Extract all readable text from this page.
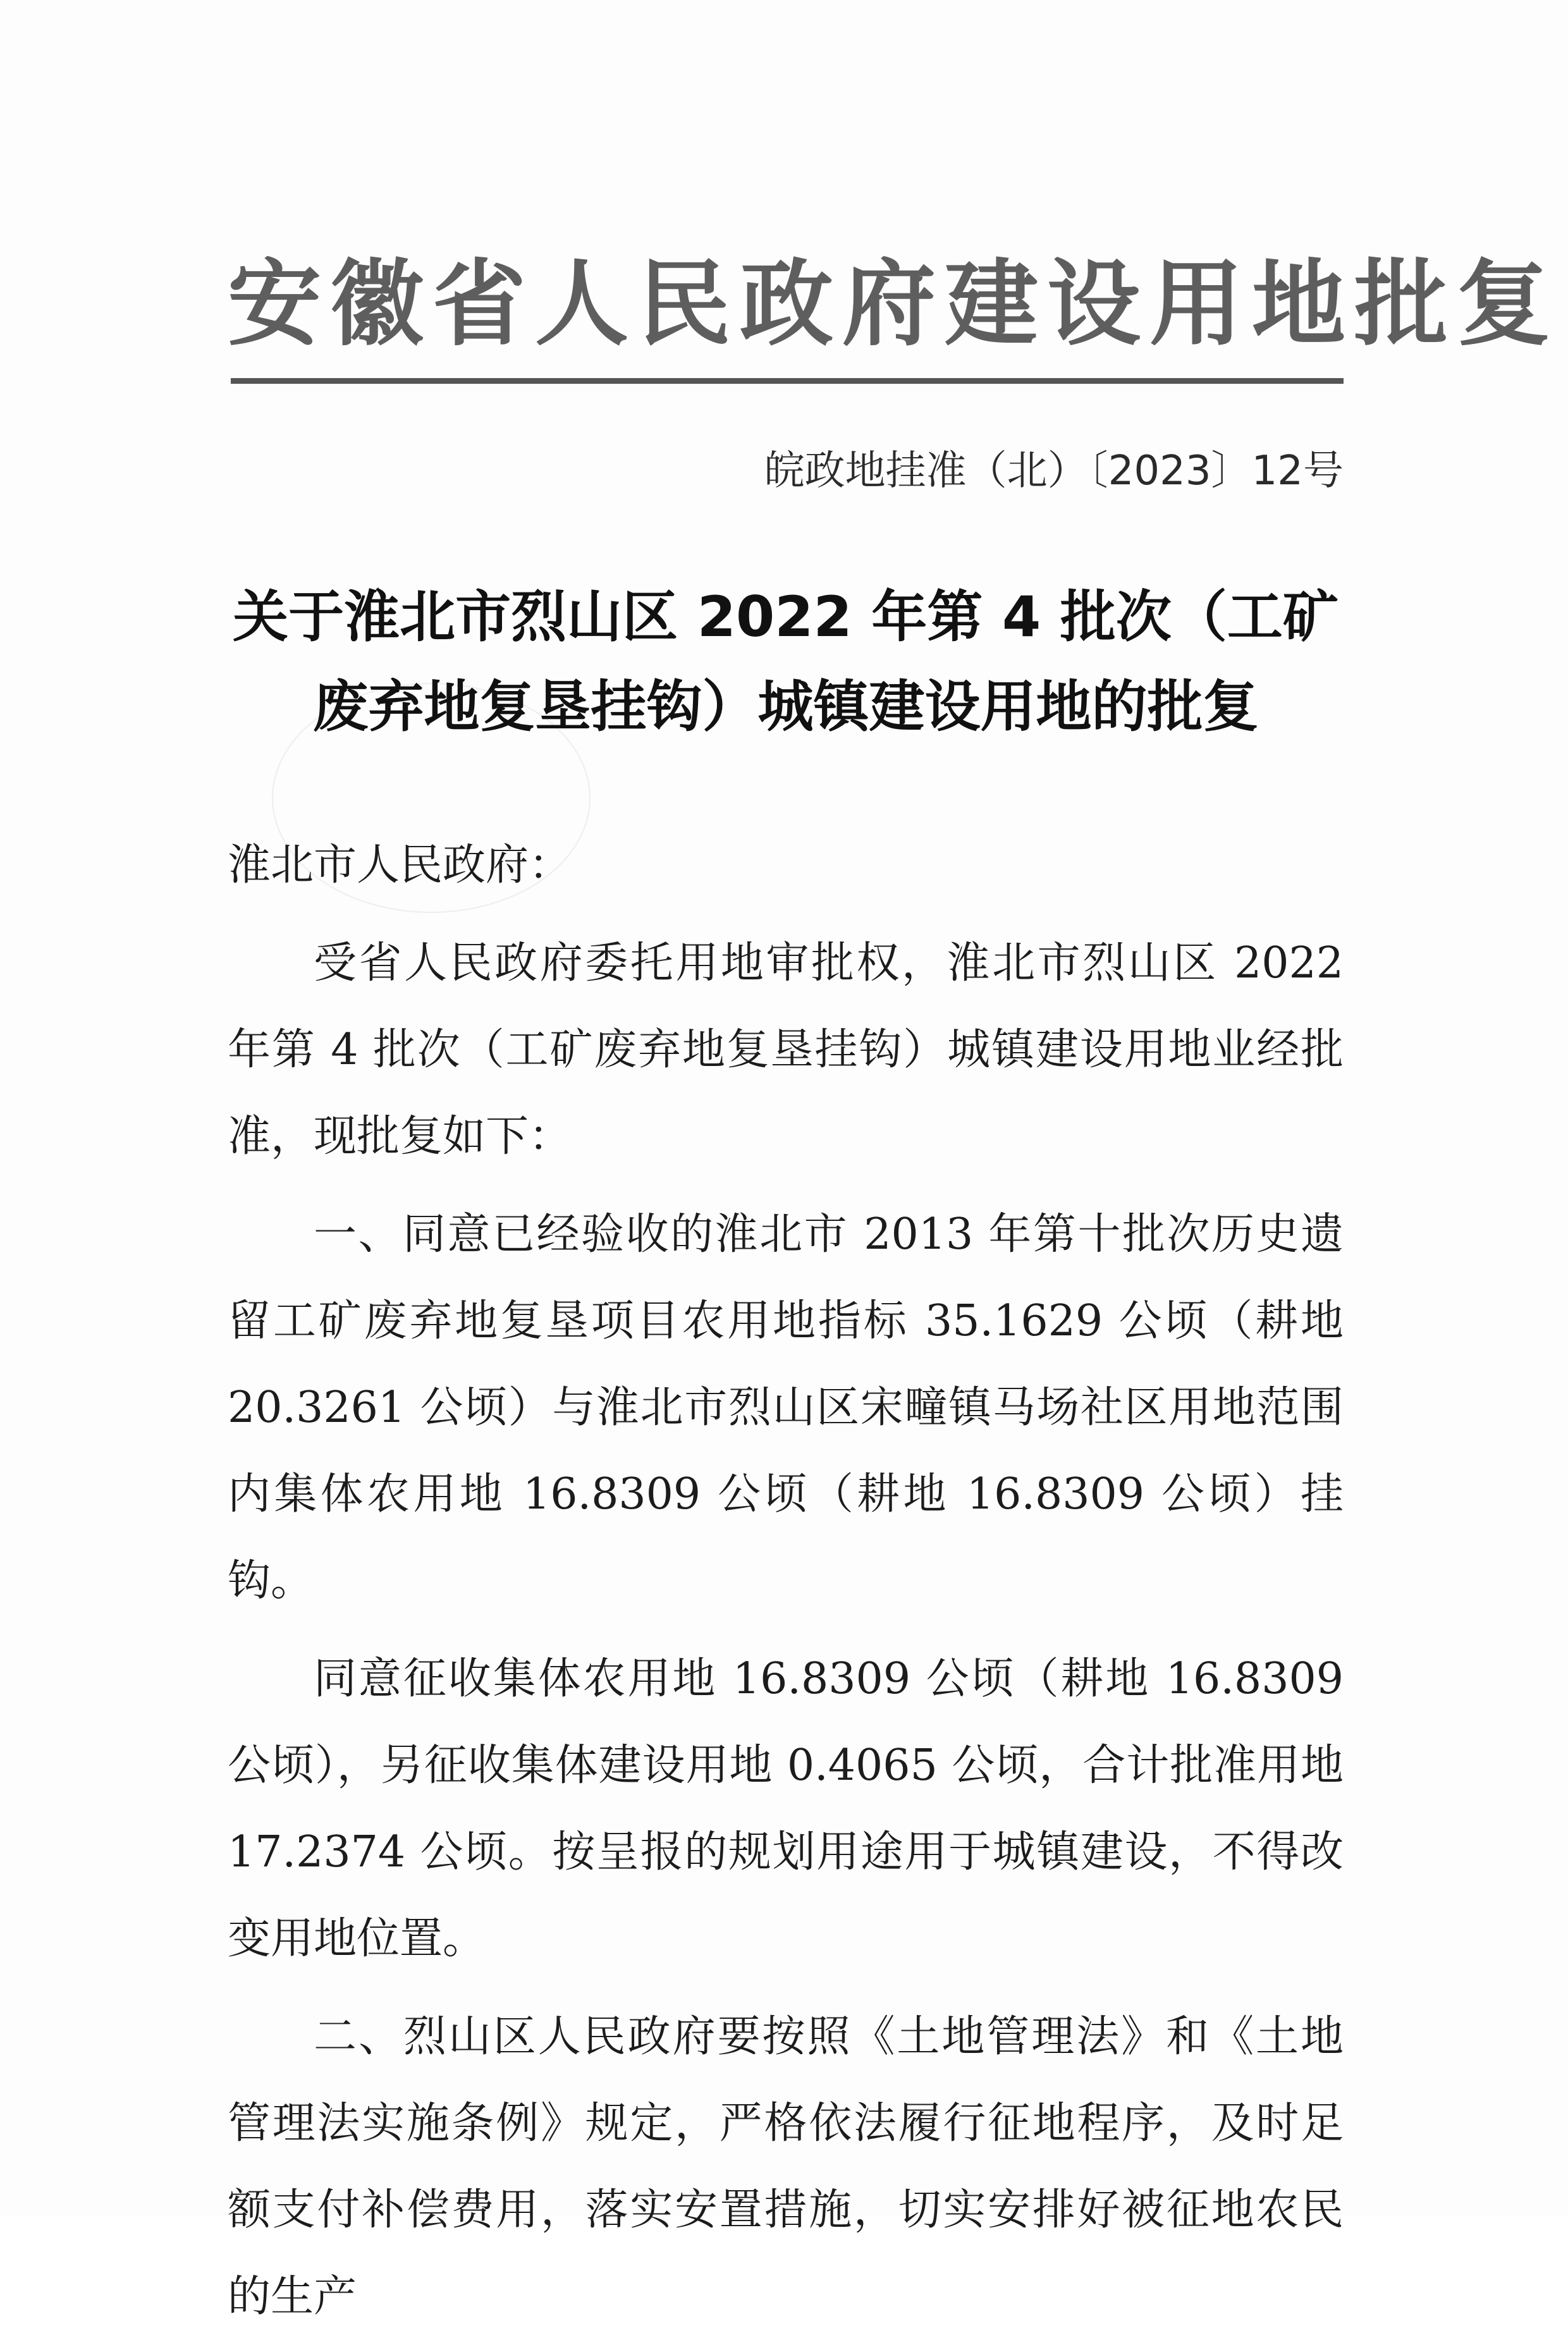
安徽省人民政府建设用地批复
皖政地挂准（北）〔2023〕12号
关于淮北市烈山区 2022 年第 4 批次（工矿
废弃地复垦挂钩）城镇建设用地的批复

淮北市人民政府：

受省人民政府委托用地审批权，淮北市烈山区 2022 年第 4 批次（工矿废弃地复垦挂钩）城镇建设用地业经批准，现批复如下：

一、同意已经验收的淮北市 2013 年第十批次历史遗留工矿废弃地复垦项目农用地指标 35.1629 公顷（耕地 20.3261 公顷）与淮北市烈山区宋疃镇马场社区用地范围内集体农用地 16.8309 公顷（耕地 16.8309 公顷）挂钩。

同意征收集体农用地 16.8309 公顷（耕地 16.8309 公顷），另征收集体建设用地 0.4065 公顷，合计批准用地 17.2374 公顷。按呈报的规划用途用于城镇建设，不得改变用地位置。

二、烈山区人民政府要按照《土地管理法》和《土地管理法实施条例》规定，严格依法履行征地程序，及时足额支付补偿费用，落实安置措施，切实安排好被征地农民的生产
